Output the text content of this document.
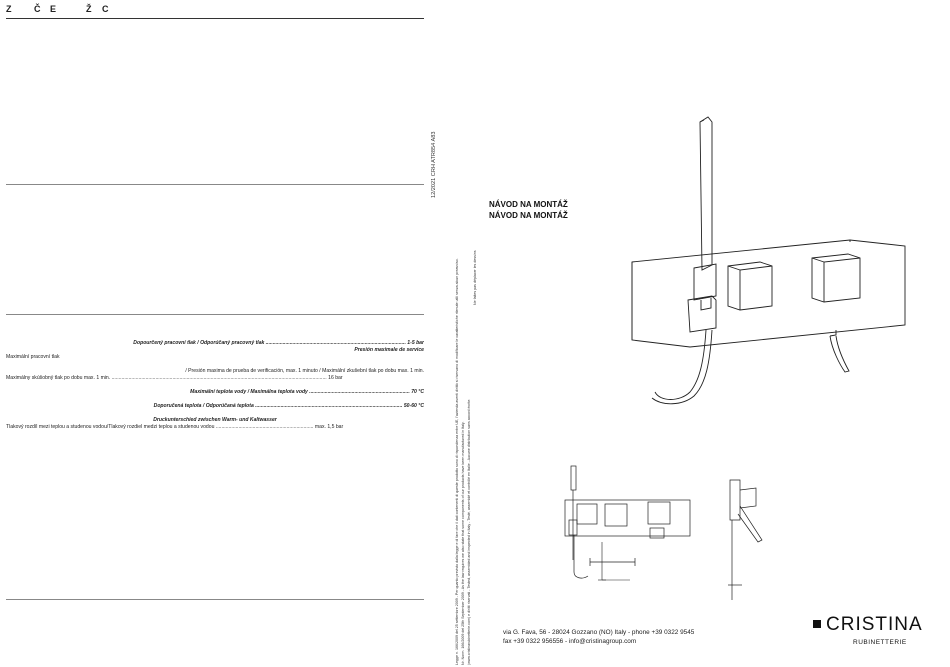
Z	Č E	Ž C
Dopourčený pracovní tlak / Odporúčaný pracovný tlak ................................................................................................... 1-5 bar
Presión maximale de service
Maximální pracovní tlak
/ Presión maxima de prueba de verificación, max. 1 minuto / Maximální zkušební tlak po dobu max. 1 min.
Maximálny skúšobný tlak po dobu max. 1 min. ........................................................................................................................................................ 16 bar
Maximální teplota vody / Maximálna teplota vody ....................................................................... 70 °C
Doporučená teplota / Odporúčaná teplota ........................................................................................................ 50-60 °C
Druckunterschied zwischen Warm- und Kaltwasser
Tlakový rozdíl mezi teplou a studenou vodou/Tlakový rozdiel medzi teplou a studenou vodou ..................................................................... max. 1,5 bar
12/2021 CRH ATR854 A83
Legge n. 166/2009 del 25 settembre 2009 - Per quanto previsto dalla legge e di fare che il dati contenenti di queste prodotto sono di rispondenza entre UE, l'azienda aventi dirittò si riservano di modificare le caratteristiche ritenute utili senza alcun preavviso. Nr. Norm. 166/2009 del 25th September 2009 - As the law requires we also state that some components of our products have been manufactured in Italy. (www.cristinarubinetterie.com) e diritti riservati - Tested, assembled and inspected in Italy - Testé, assemblé et contrôlé en Italie - Aucune distribution sans accord écrite.
Ne faites pas déplacer les dessins
NÁVOD NA MONTÁŽ
NÁVOD NA MONTÁŽ
via G. Fava, 56 - 28024 Gozzano (NO) Italy - phone +39 0322 9545
fax +39 0322 956556 - info@cristinagroup.com
CRISTINA
RUBINETTERIE
